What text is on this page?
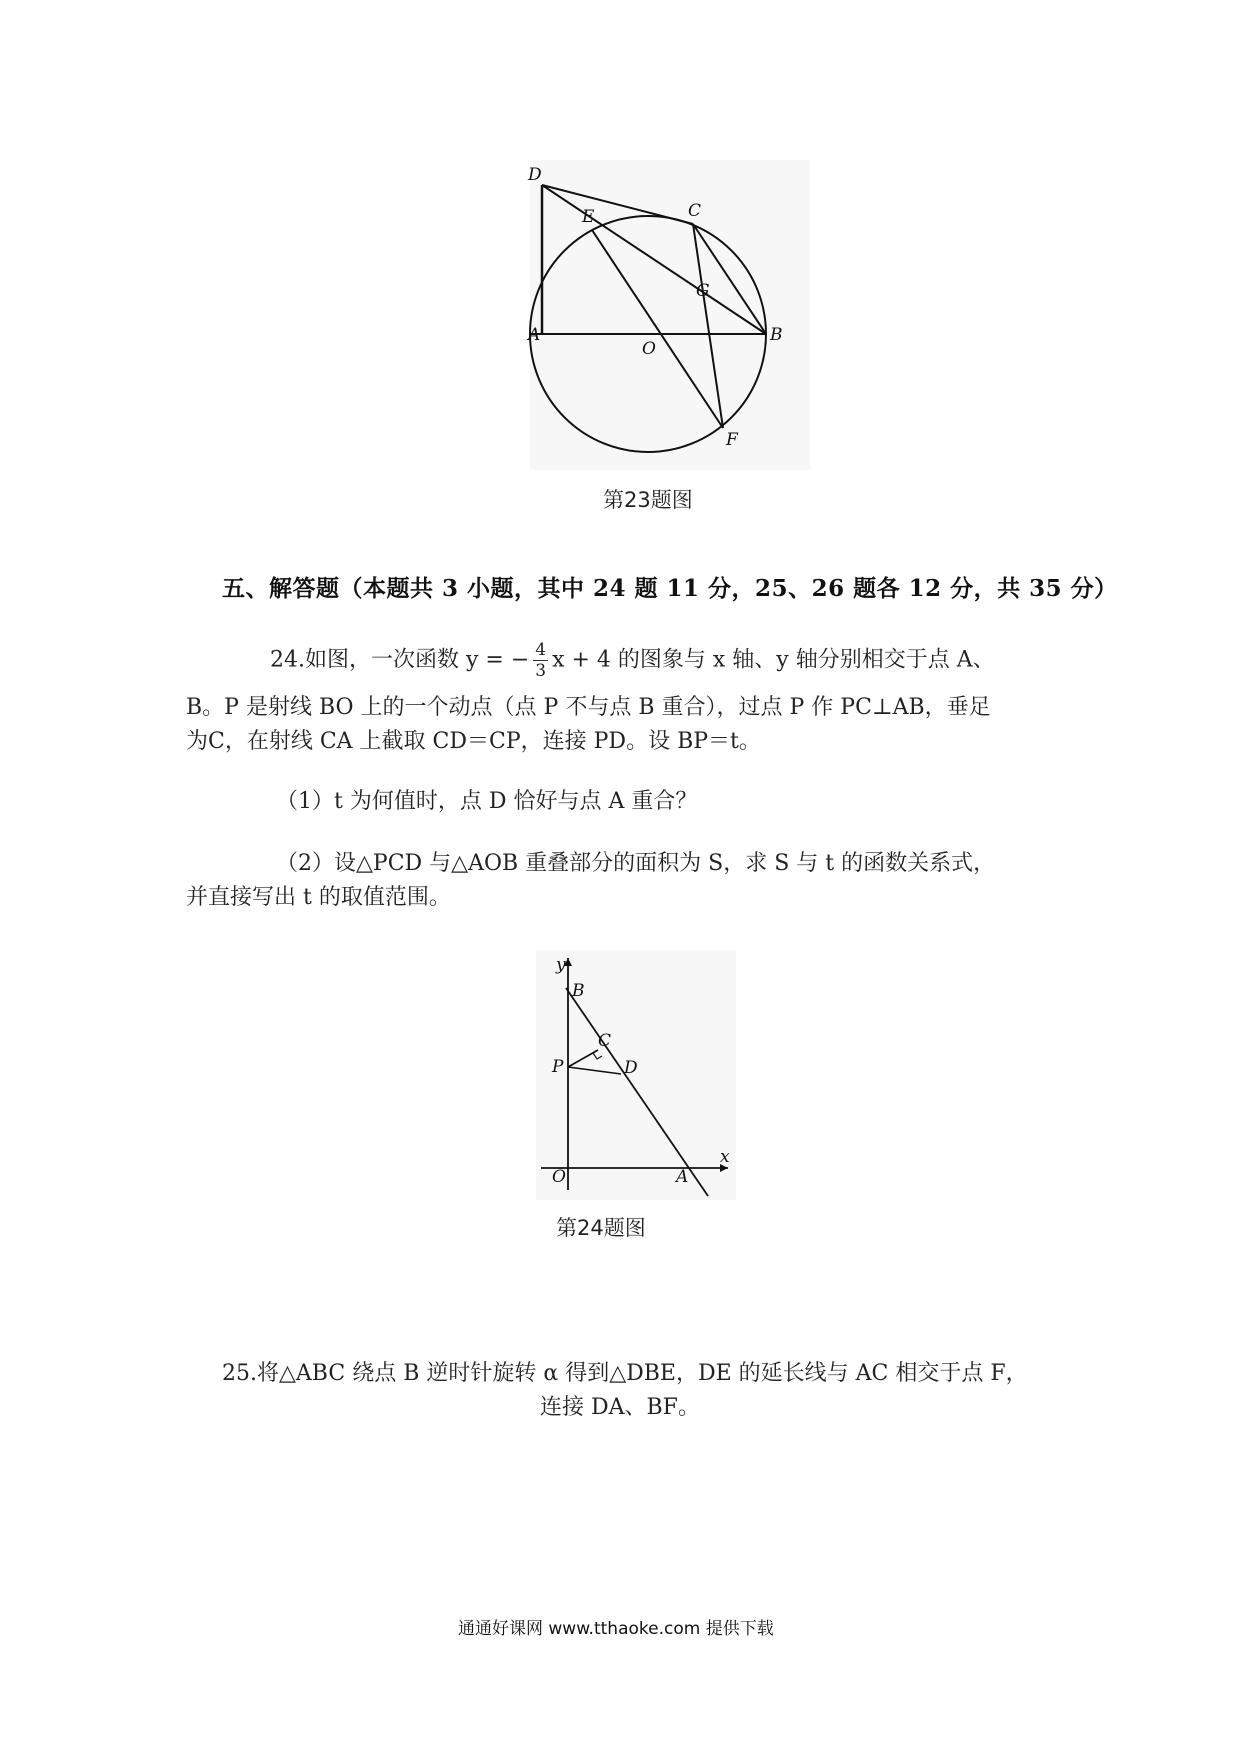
D
E	C
G
A
O
B
F
第23题图
五、解答题（本题共 3 小题，其中 24 题 11 分，25、26 题各 12 分，共 35 分）
24.如图，一次函数 y = − $\frac{4}{3}$ x + 4 的图象与 x 轴、y 轴分别相交于点 A、
B。P 是射线 BO 上的一个动点（点 P 不与点 B 重合），过点 P 作 PC⊥AB，垂足
为C，在射线 CA 上截取 CD＝CP，连接 PD。设 BP＝t。
（1）t 为何值时，点 D 恰好与点 A 重合？
（2）设△PCD 与△AOB 重叠部分的面积为 S，求 S 与 t 的函数关系式，
并直接写出 t 的取值范围。
y
B
C
P	D
O	A
x
第24题图
25.将△ABC 绕点 B 逆时针旋转 α 得到△DBE，DE 的延长线与 AC 相交于点 F，
连接 DA、BF。
通通好课网 www.tthaoke.com 提供下载
